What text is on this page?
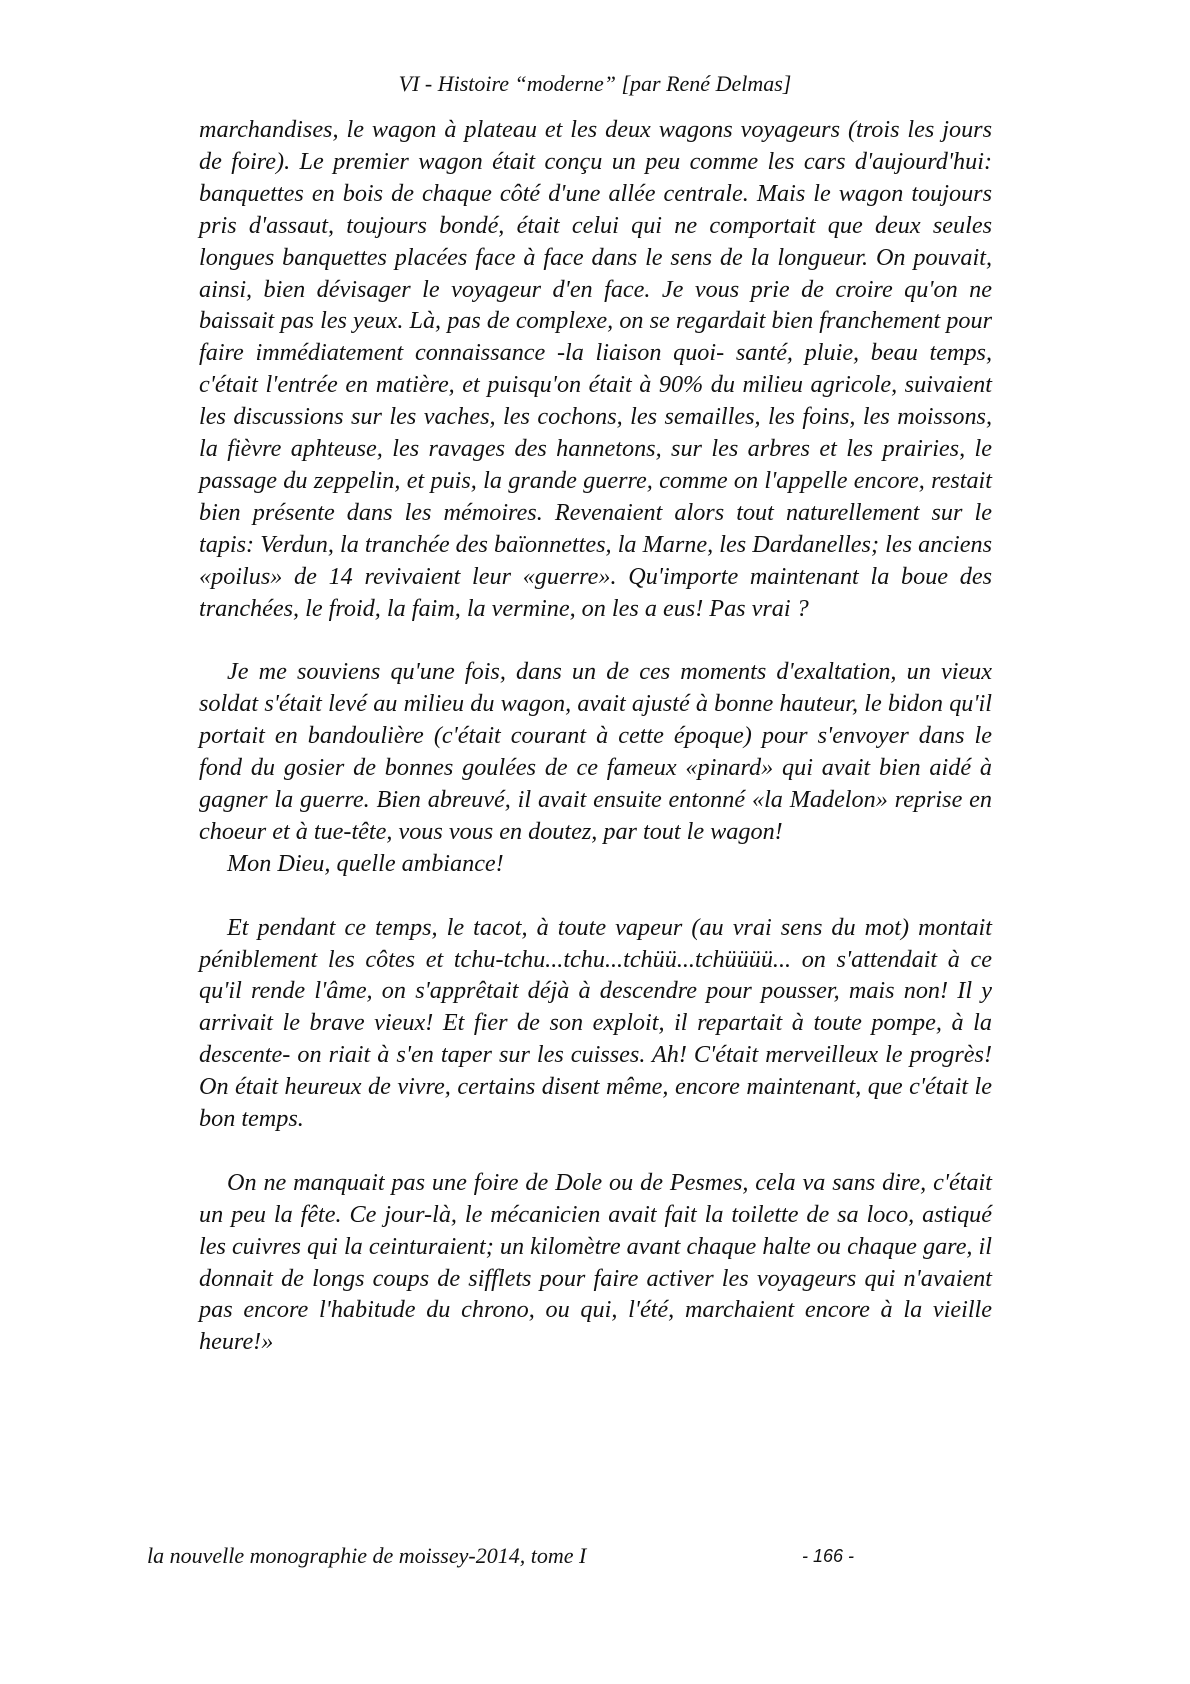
VI - Histoire “moderne” [par René Delmas]

marchandises, le wagon à plateau et les deux wagons voyageurs (trois les jours de foire). Le premier wagon était conçu un peu comme les cars d'aujourd'hui: banquettes en bois de chaque côté d'une allée centrale. Mais le wagon toujours pris d'assaut, toujours bondé, était celui qui ne comportait que deux seules longues banquettes placées face à face dans le sens de la longueur. On pouvait, ainsi, bien dévisager le voyageur d'en face. Je vous prie de croire qu'on ne baissait pas les yeux. Là, pas de complexe, on se regardait bien franchement pour faire immédiatement connaissance -la liaison quoi- santé, pluie, beau temps, c'était l'entrée en matière, et puisqu'on était à 90% du milieu agricole, suivaient les discussions sur les vaches, les cochons, les semailles, les foins, les moissons, la fièvre aphteuse, les ravages des hannetons, sur les arbres et les prairies, le passage du zeppelin, et puis, la grande guerre, comme on l'appelle encore, restait bien présente dans les mémoires. Revenaient alors tout naturellement sur le tapis: Verdun, la tranchée des baïonnettes, la Marne, les Dardanelles; les anciens «poilus» de 14 revivaient leur «guerre». Qu'importe maintenant la boue des tranchées, le froid, la faim, la vermine, on les a eus! Pas vrai ?

Je me souviens qu'une fois, dans un de ces moments d'exaltation, un vieux soldat s'était levé au milieu du wagon, avait ajusté à bonne hauteur, le bidon qu'il portait en bandoulière (c'était courant à cette époque) pour s'envoyer dans le fond du gosier de bonnes goulées de ce fameux «pinard» qui avait bien aidé à gagner la guerre. Bien abreuvé, il avait ensuite entonné «la Madelon» reprise en choeur et à tue-tête, vous vous en doutez, par tout le wagon!

Mon Dieu, quelle ambiance!

Et pendant ce temps, le tacot, à toute vapeur (au vrai sens du mot) montait péniblement les côtes et tchu-tchu...tchu...tchüü...tchüüüü... on s'attendait à ce qu'il rende l'âme, on s'apprêtait déjà à descendre pour pousser, mais non! Il y arrivait le brave vieux! Et fier de son exploit, il repartait à toute pompe, à la descente- on riait à s'en taper sur les cuisses. Ah! C'était merveilleux le progrès! On était heureux de vivre, certains disent même, encore maintenant, que c'était le bon temps.

On ne manquait pas une foire de Dole ou de Pesmes, cela va sans dire, c'était un peu la fête. Ce jour-là, le mécanicien avait fait la toilette de sa loco, astiqué les cuivres qui la ceinturaient; un kilomètre avant chaque halte ou chaque gare, il donnait de longs coups de sifflets pour faire activer les voyageurs qui n'avaient pas encore l'habitude du chrono, ou qui, l'été, marchaient encore à la vieille heure!»

la nouvelle monographie de moissey-2014, tome I	- 166 -
